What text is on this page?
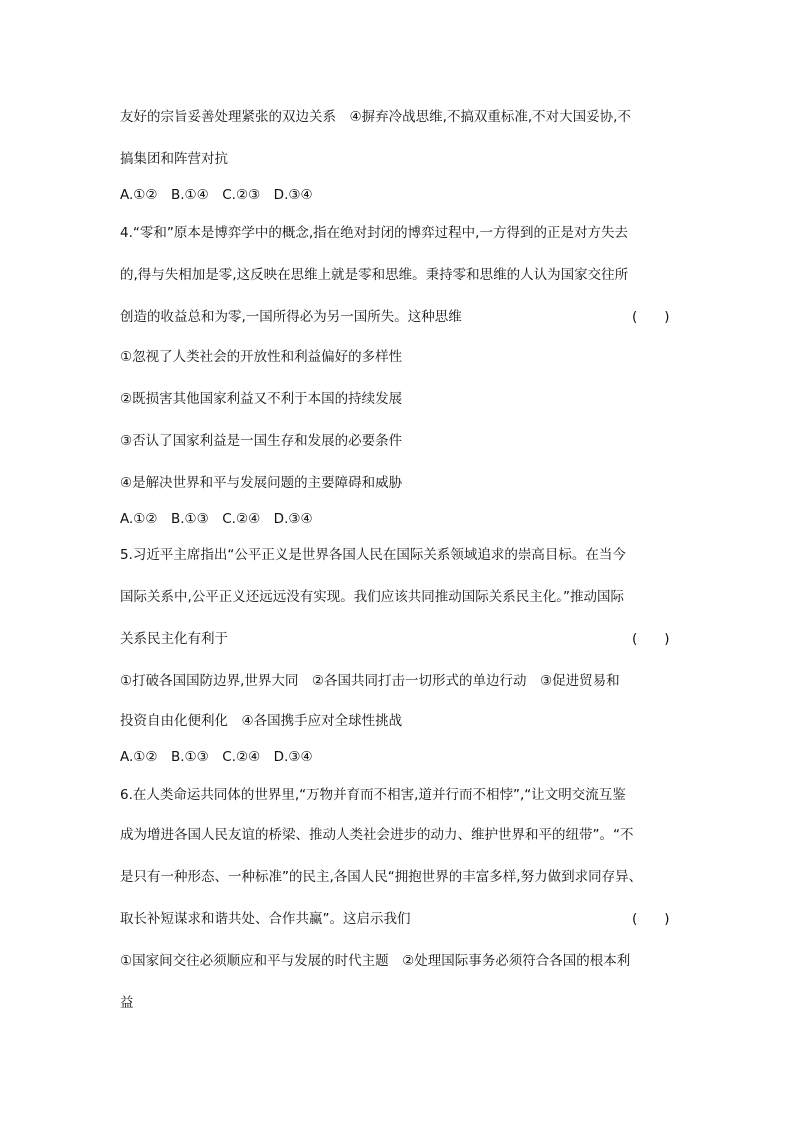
友好的宗旨妥善处理紧张的双边关系　④摒弃冷战思维,不搞双重标准,不对大国妥协,不
搞集团和阵营对抗
A.①②　B.①④　C.②③　D.③④
4.“零和”原本是博弈学中的概念,指在绝对封闭的博弈过程中,一方得到的正是对方失去
的,得与失相加是零,这反映在思维上就是零和思维。秉持零和思维的人认为国家交往所
创造的收益总和为零,一国所得必为另一国所失。这种思维	(　　)
①忽视了人类社会的开放性和利益偏好的多样性
②既损害其他国家利益又不利于本国的持续发展
③否认了国家利益是一国生存和发展的必要条件
④是解决世界和平与发展问题的主要障碍和威胁
A.①②　B.①③　C.②④　D.③④
5.习近平主席指出“公平正义是世界各国人民在国际关系领域追求的崇高目标。在当今
国际关系中,公平正义还远远没有实现。我们应该共同推动国际关系民主化。”推动国际
关系民主化有利于	(　　)
①打破各国国防边界,世界大同　②各国共同打击一切形式的单边行动　③促进贸易和
投资自由化便利化　④各国携手应对全球性挑战
A.①②　B.①③　C.②④　D.③④
6.在人类命运共同体的世界里,“万物并育而不相害,道并行而不相悖”,“让文明交流互鉴
成为增进各国人民友谊的桥梁、推动人类社会进步的动力、维护世界和平的纽带”。“不
是只有一种形态、一种标准”的民主,各国人民“拥抱世界的丰富多样,努力做到求同存异、
取长补短谋求和谐共处、合作共赢”。这启示我们	(　　)
①国家间交往必须顺应和平与发展的时代主题　②处理国际事务必须符合各国的根本利
益
